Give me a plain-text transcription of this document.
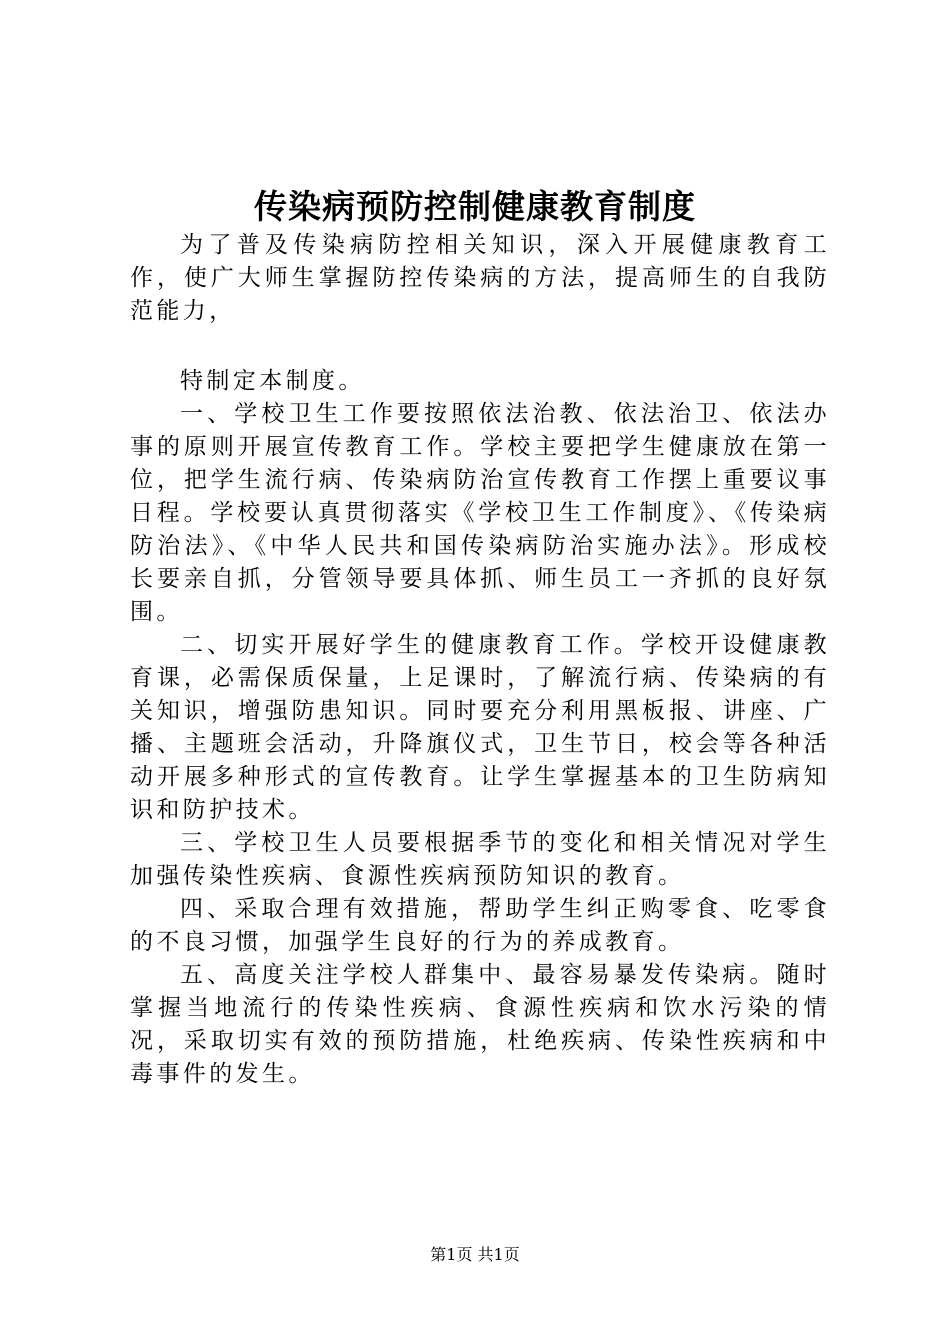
传染病预防控制健康教育制度

为了普及传染病防控相关知识，深入开展健康教育工作，使广大师生掌握防控传染病的方法，提高师生的自我防范能力，

特制定本制度。

一、学校卫生工作要按照依法治教、依法治卫、依法办事的原则开展宣传教育工作。学校主要把学生健康放在第一位，把学生流行病、传染病防治宣传教育工作摆上重要议事日程。学校要认真贯彻落实《学校卫生工作制度》、《传染病防治法》、《中华人民共和国传染病防治实施办法》。形成校长要亲自抓，分管领导要具体抓、师生员工一齐抓的良好氛围。

二、切实开展好学生的健康教育工作。学校开设健康教育课，必需保质保量，上足课时，了解流行病、传染病的有关知识，增强防患知识。同时要充分利用黑板报、讲座、广播、主题班会活动，升降旗仪式，卫生节日，校会等各种活动开展多种形式的宣传教育。让学生掌握基本的卫生防病知识和防护技术。

三、学校卫生人员要根据季节的变化和相关情况对学生加强传染性疾病、食源性疾病预防知识的教育。

四、采取合理有效措施，帮助学生纠正购零食、吃零食的不良习惯，加强学生良好的行为的养成教育。

五、高度关注学校人群集中、最容易暴发传染病。随时掌握当地流行的传染性疾病、食源性疾病和饮水污染的情况，采取切实有效的预防措施，杜绝疾病、传染性疾病和中毒事件的发生。

第1页 共1页
